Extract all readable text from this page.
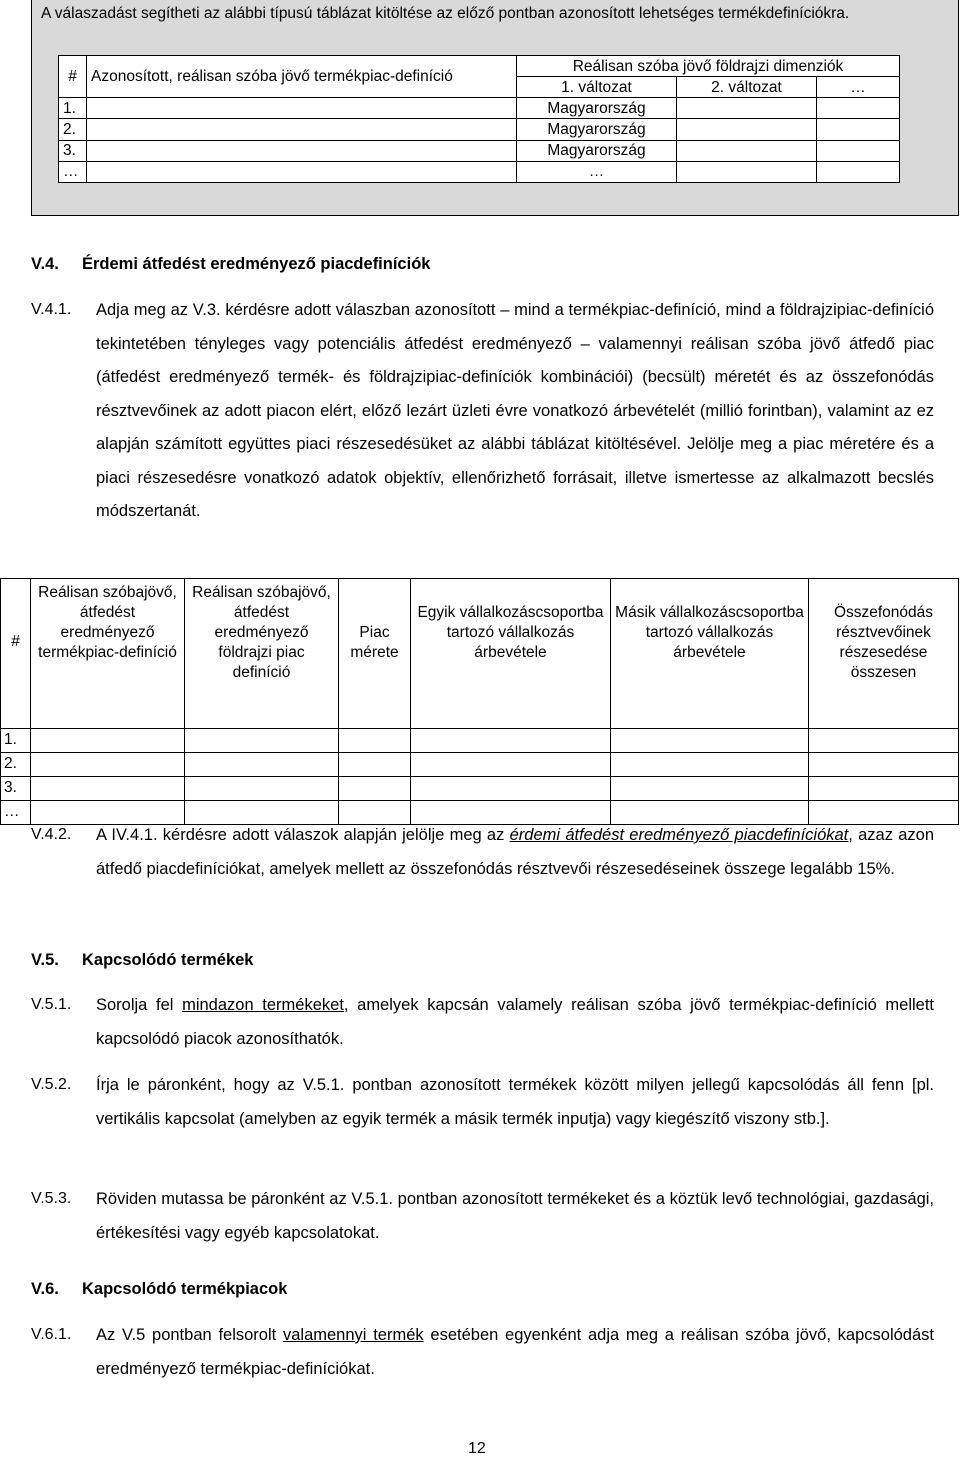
A válaszadást segítheti az alábbi típusú táblázat kitöltése az előző pontban azonosított lehetséges termékdefiníciókra.
#	Azonosított, reálisan szóba jövő termékpiac-definíció	Reálisan szóba jövő földrajzi dimenziók		
		1. változat	2. változat	…
1.		Magyarország		
2.		Magyarország		
3.		Magyarország		
…		…		
V.4. Érdemi átfedést eredményező piacdefiníciók
V.4.1. Adja meg az V.3. kérdésre adott válaszban azonosított – mind a termékpiac-definíció, mind a földrajzipiac-definíció tekintetében tényleges vagy potenciális átfedést eredményező – valamennyi reálisan szóba jövő átfedő piac (átfedést eredményező termék- és földrajzipiac-definíciók kombinációi) (becsült) méretét és az összefonódás résztvevőinek az adott piacon elért, előző lezárt üzleti évre vonatkozó árbevételét (millió forintban), valamint az ez alapján számított együttes piaci részesedésüket az alábbi táblázat kitöltésével. Jelölje meg a piac méretére és a piaci részesedésre vonatkozó adatok objektív, ellenőrizhető forrásait, illetve ismertesse az alkalmazott becslés módszertanát.
#	Reálisan szóbajövő, átfedést eredményező termékpiac-definíció	Reálisan szóbajövő, átfedést eredményező földrajzi piac definíció	Piac mérete	Egyik vállalkozáscsoportba tartozó vállalkozás árbevétele	Másik vállalkozáscsoportba tartozó vállalkozás árbevétele	Összefonódás résztvevőinek részesedése összesen
1.						
2.						
3.						
…						
V.4.2. A IV.4.1. kérdésre adott válaszok alapján jelölje meg az érdemi átfedést eredményező piacdefiníciókat, azaz azon átfedő piacdefiníciókat, amelyek mellett az összefonódás résztvevői részesedéseinek összege legalább 15%.
V.5. Kapcsolódó termékek
V.5.1. Sorolja fel mindazon termékeket, amelyek kapcsán valamely reálisan szóba jövő termékpiac-definíció mellett kapcsolódó piacok azonosíthatók.
V.5.2. Írja le páronként, hogy az V.5.1. pontban azonosított termékek között milyen jellegű kapcsolódás áll fenn [pl. vertikális kapcsolat (amelyben az egyik termék a másik termék inputja) vagy kiegészítő viszony stb.].
V.5.3. Röviden mutassa be páronként az V.5.1. pontban azonosított termékeket és a köztük levő technológiai, gazdasági, értékesítési vagy egyéb kapcsolatokat.
V.6. Kapcsolódó termékpiacok
V.6.1. Az V.5 pontban felsorolt valamennyi termék esetében egyenként adja meg a reálisan szóba jövő, kapcsolódást eredményező termékpiac-definíciókat.
12
